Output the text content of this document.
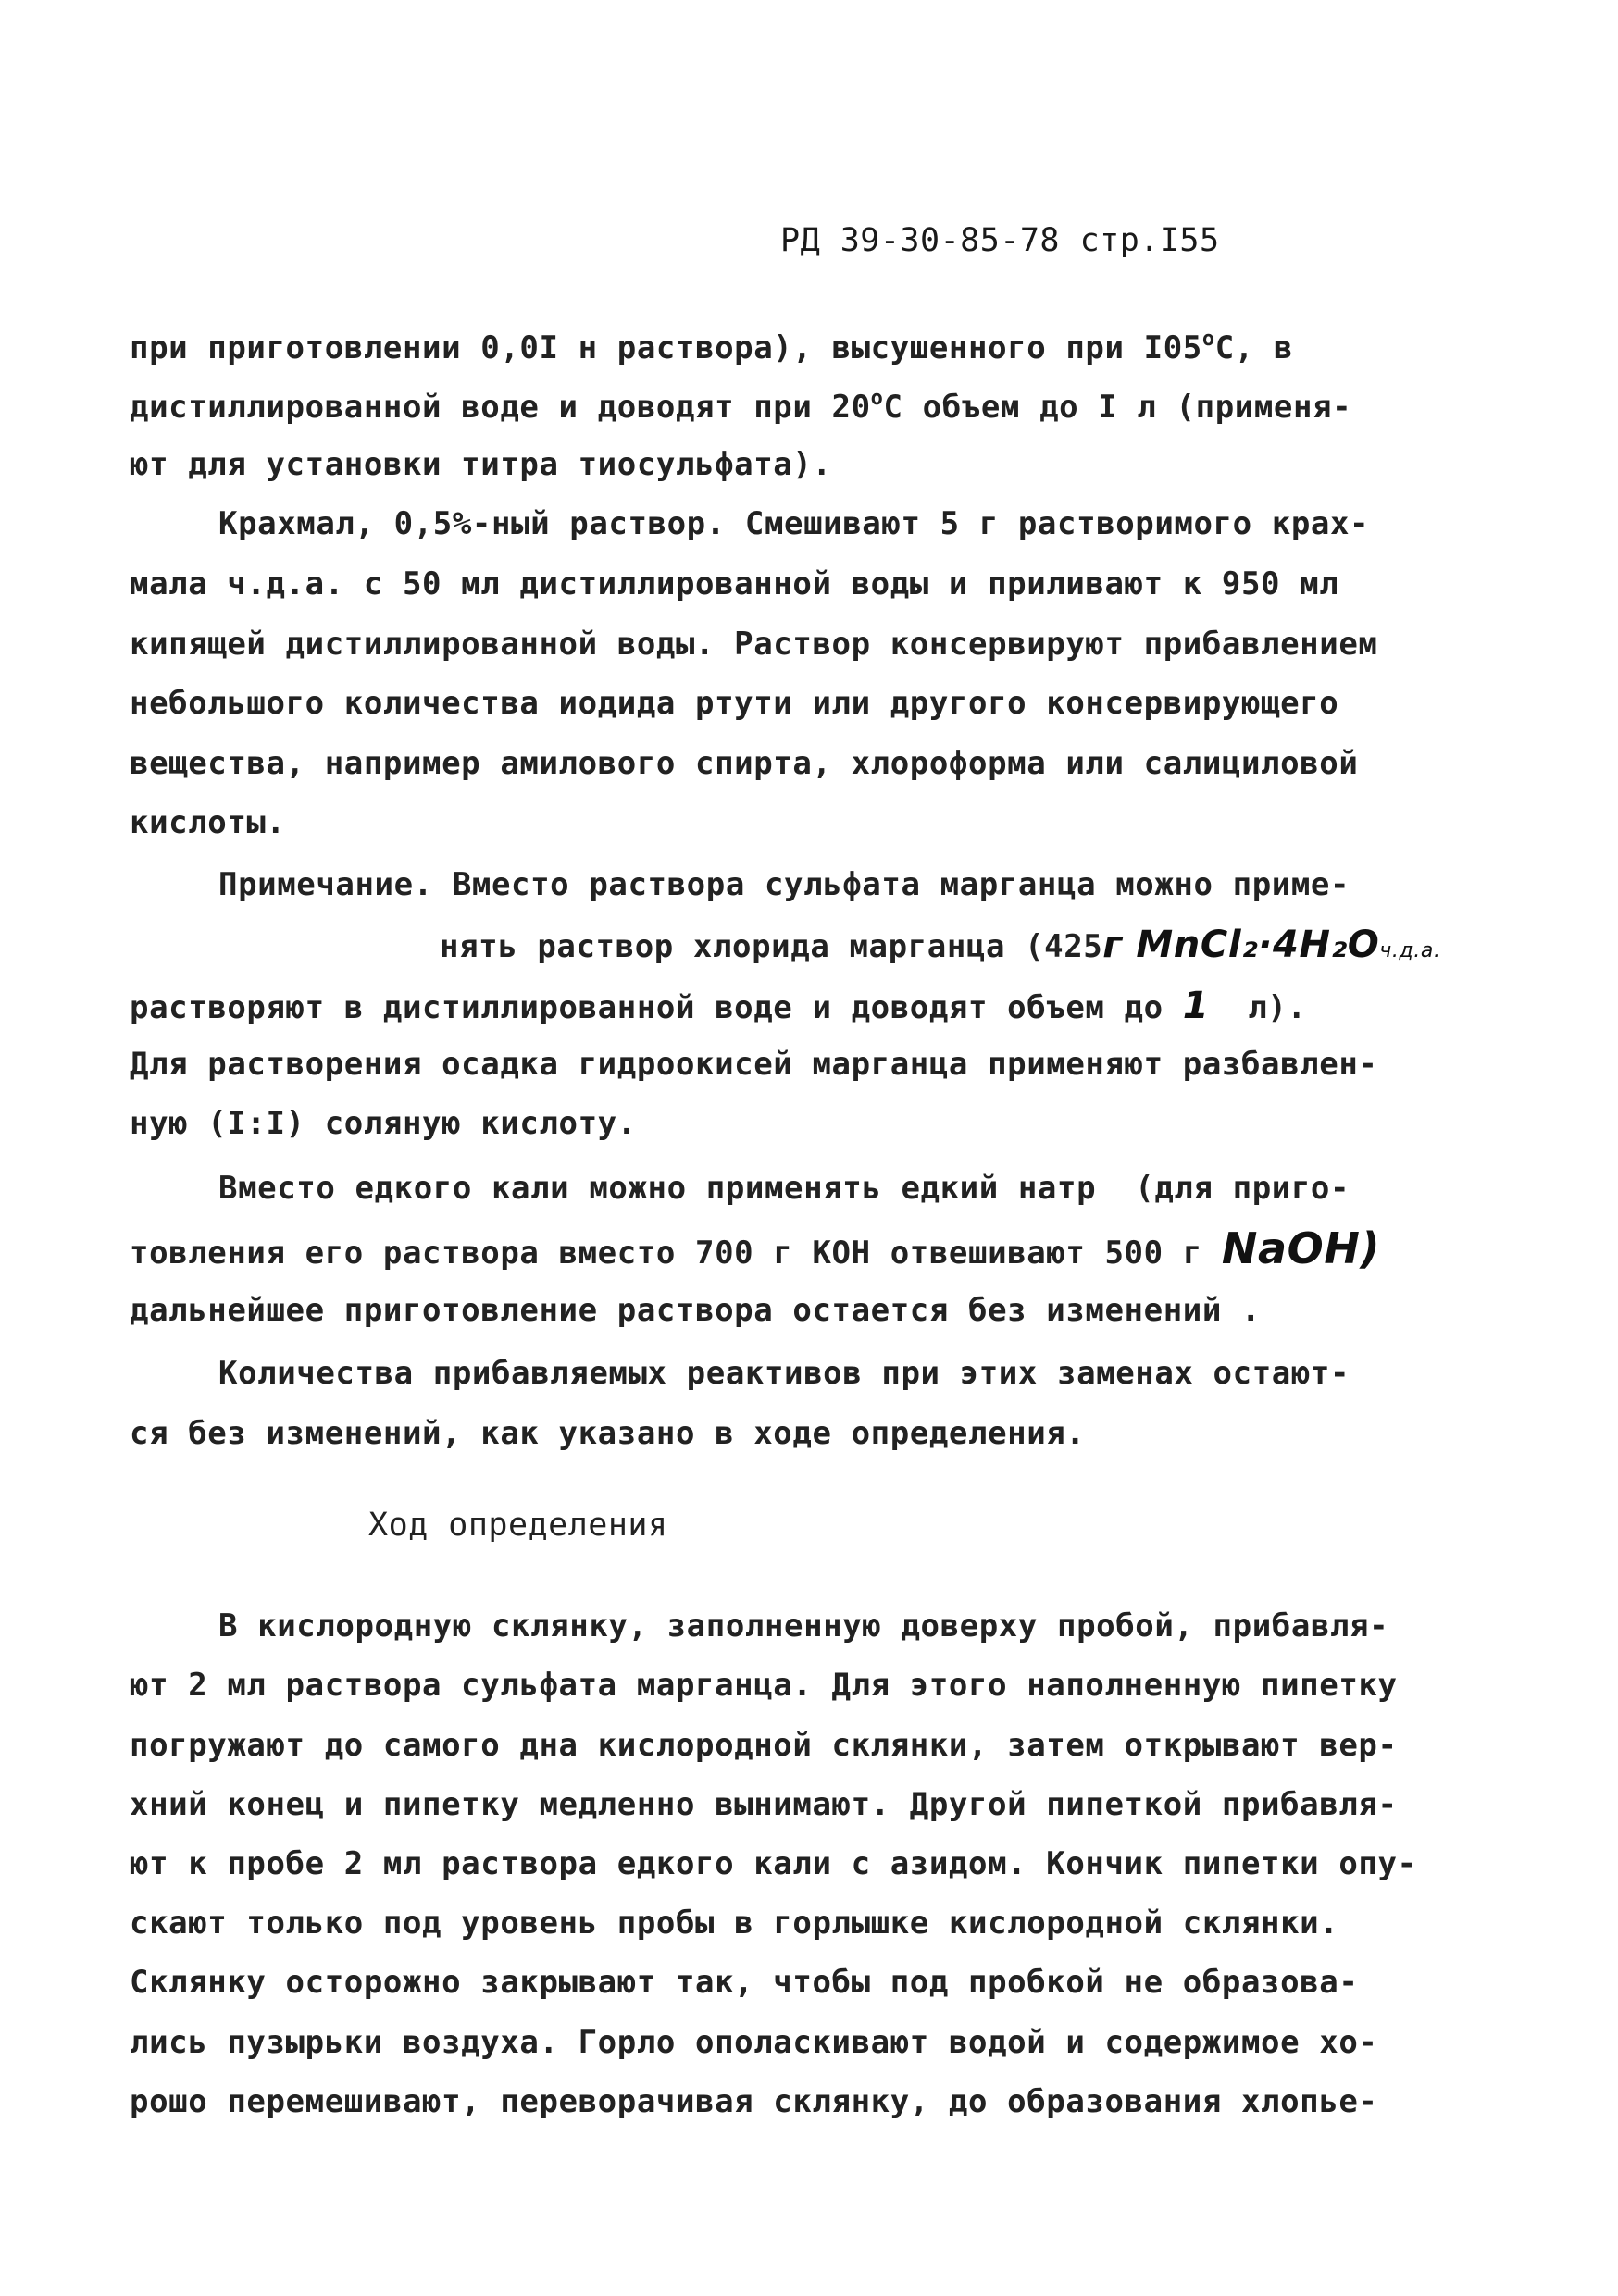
РД 39-30-85-78 стр.I55
при приготовлении 0,0I н раствора), высушенного при $I05^оС$, в
дистиллированной воде и доводят при $20^оС$ объем до I л (применя-
ют для установки титра тиосульфата).
Крахмал, 0,5%-ный раствор. Смешивают 5 г растворимого крах-
мала ч.д.а. с 50 мл дистиллированной воды и приливают к 950 мл
кипящей дистиллированной воды. Раствор консервируют прибавлением
небольшого количества иодида ртути или другого консервирующего
вещества, например амилового спирта, хлороформа или салициловой
кислоты.
Примечание. Вместо раствора сульфата марганца можно приме-
нять раствор хлорида марганца (425г MnCl₂·4H₂Oч.д.а.
растворяют в дистиллированной воде и доводят объем до 1 л).
Для растворения осадка гидроокисей марганца применяют разбавлен-
ную (I:I) соляную кислоту.
Вместо едкого кали можно применять едкий натр  (для приго-
товления его раствора вместо 700 г КОН отвешивают 500 г NaOH)
дальнейшее приготовление раствора остается без изменений .
Количества прибавляемых реактивов при этих заменах остают-
ся без изменений, как указано в ходе определения.
Ход определения
В кислородную склянку, заполненную доверху пробой, прибавля-
ют 2 мл раствора сульфата марганца. Для этого наполненную пипетку
погружают до самого дна кислородной склянки, затем открывают вер-
хний конец и пипетку медленно вынимают. Другой пипеткой прибавля-
ют к пробе 2 мл раствора едкого кали с азидом. Кончик пипетки опу-
скают только под уровень пробы в горлышке кислородной склянки.
Склянку осторожно закрывают так, чтобы под пробкой не образова-
лись пузырьки воздуха. Горло ополаскивают водой и содержимое хо-
рошо перемешивают, переворачивая склянку, до образования хлопье-
